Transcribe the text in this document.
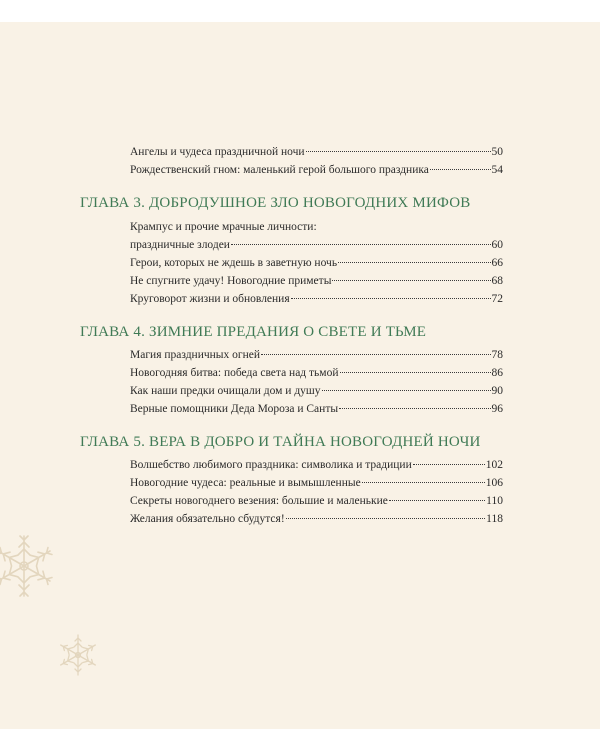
Ангелы и чудеса праздничной ночи	50
Рождественский гном: маленький герой большого праздника	54
ГЛАВА 3. ДОБРОДУШНОЕ ЗЛО НОВОГОДНИХ МИФОВ
Крампус и прочие мрачные личности:
праздничные злодеи	60
Герои, которых не ждешь в заветную ночь	66
Не спугните удачу! Новогодние приметы	68
Круговорот жизни и обновления	72
ГЛАВА 4. ЗИМНИЕ ПРЕДАНИЯ О СВЕТЕ И ТЬМЕ
Магия праздничных огней	78
Новогодняя битва: победа света над тьмой	86
Как наши предки очищали дом и душу	90
Верные помощники Деда Мороза и Санты	96
ГЛАВА 5. ВЕРА В ДОБРО И ТАЙНА НОВОГОДНЕЙ НОЧИ
Волшебство любимого праздника: символика и традиции	102
Новогодние чудеса: реальные и вымышленные	106
Секреты новогоднего везения: большие и маленькие	110
Желания обязательно сбудутся!	118
